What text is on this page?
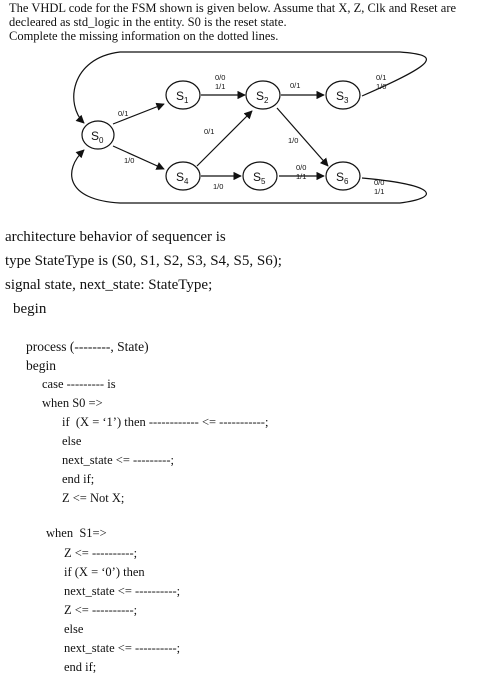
The VHDL code for the FSM shown is given below. Assume that X, Z, Clk and Reset are
decleared as std_logic in the entity. S0 is the reset state.
Complete the missing information on the dotted lines.
$S_0$
$S_1$	$S_2$	$S_3$
$S_4$	$S_5$	$S_6$
0/1
1/0
0/0
1/1
0/1
0/1
1/0
1/0
0/0
1/1
0/1
1/0
0/0
1/1
architecture behavior of sequencer is
type StateType is (S0, S1, S2, S3, S4, S5, S6);
signal state, next_state: StateType;
begin
process (--------, State)
begin
case --------- is
when S0 =>
if  (X = ‘1’) then ------------ <= -----------;
else
next_state <= ---------;
end if;
Z <= Not X;
when  S1=>
Z <= ----------;
if (X = ‘0’) then
next_state <= ----------;
Z <= ----------;
else
next_state <= ----------;
end if;
